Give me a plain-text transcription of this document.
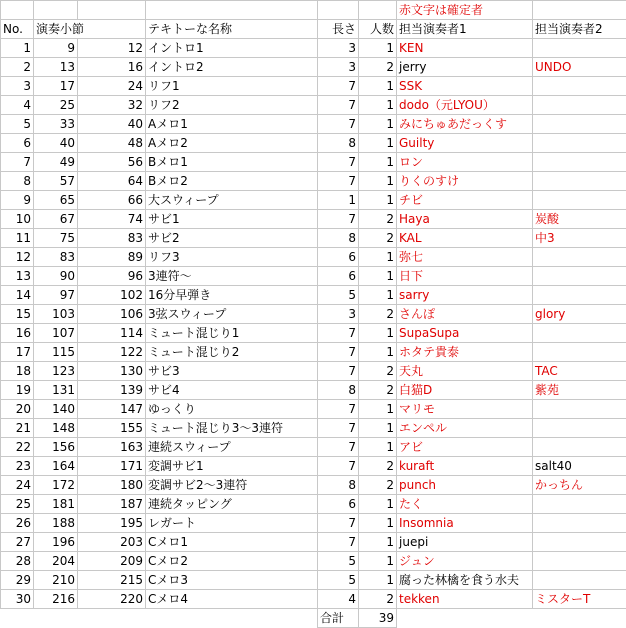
						赤文字は確定者	
No.	演奏小節		テキトーな名称	長さ	人数	担当演奏者1	担当演奏者2
1	9	12	イントロ1	3	1	KEN	
2	13	16	イントロ2	3	2	jerry	UNDO
3	17	24	リフ1	7	1	SSK	
4	25	32	リフ2	7	1	dodo（元LYOU）	
5	33	40	Aメロ1	7	1	みにちゅあだっくす	
6	40	48	Aメロ2	8	1	Guilty	
7	49	56	Bメロ1	7	1	ロン	
8	57	64	Bメロ2	7	1	りくのすけ	
9	65	66	大スウィープ	1	1	チビ	
10	67	74	サビ1	7	2	Haya	炭酸
11	75	83	サビ2	8	2	KAL	中3
12	83	89	リフ3	6	1	弥七	
13	90	96	3連符～	6	1	日下	
14	97	102	16分早弾き	5	1	sarry	
15	103	106	3弦スウィープ	3	2	さんぽ	glory
16	107	114	ミュート混じり1	7	1	SupaSupa	
17	115	122	ミュート混じり2	7	1	ホタテ貴泰	
18	123	130	サビ3	7	2	天丸	TAC
19	131	139	サビ4	8	2	白猫D	紫苑
20	140	147	ゆっくり	7	1	マリモ	
21	148	155	ミュート混じり3～3連符	7	1	エンペル	
22	156	163	連続スウィープ	7	1	アビ	
23	164	171	変調サビ1	7	2	kuraft	salt40
24	172	180	変調サビ2～3連符	8	2	punch	かっちん
25	181	187	連続タッピング	6	1	たく	
26	188	195	レガート	7	1	Insomnia	
27	196	203	Cメロ1	7	1	juepi	
28	204	209	Cメロ2	5	1	ジュン	
29	210	215	Cメロ3	5	1	腐った林檎を食う水夫	
30	216	220	Cメロ4	4	2	tekken	ミスターT
				合計	39		
